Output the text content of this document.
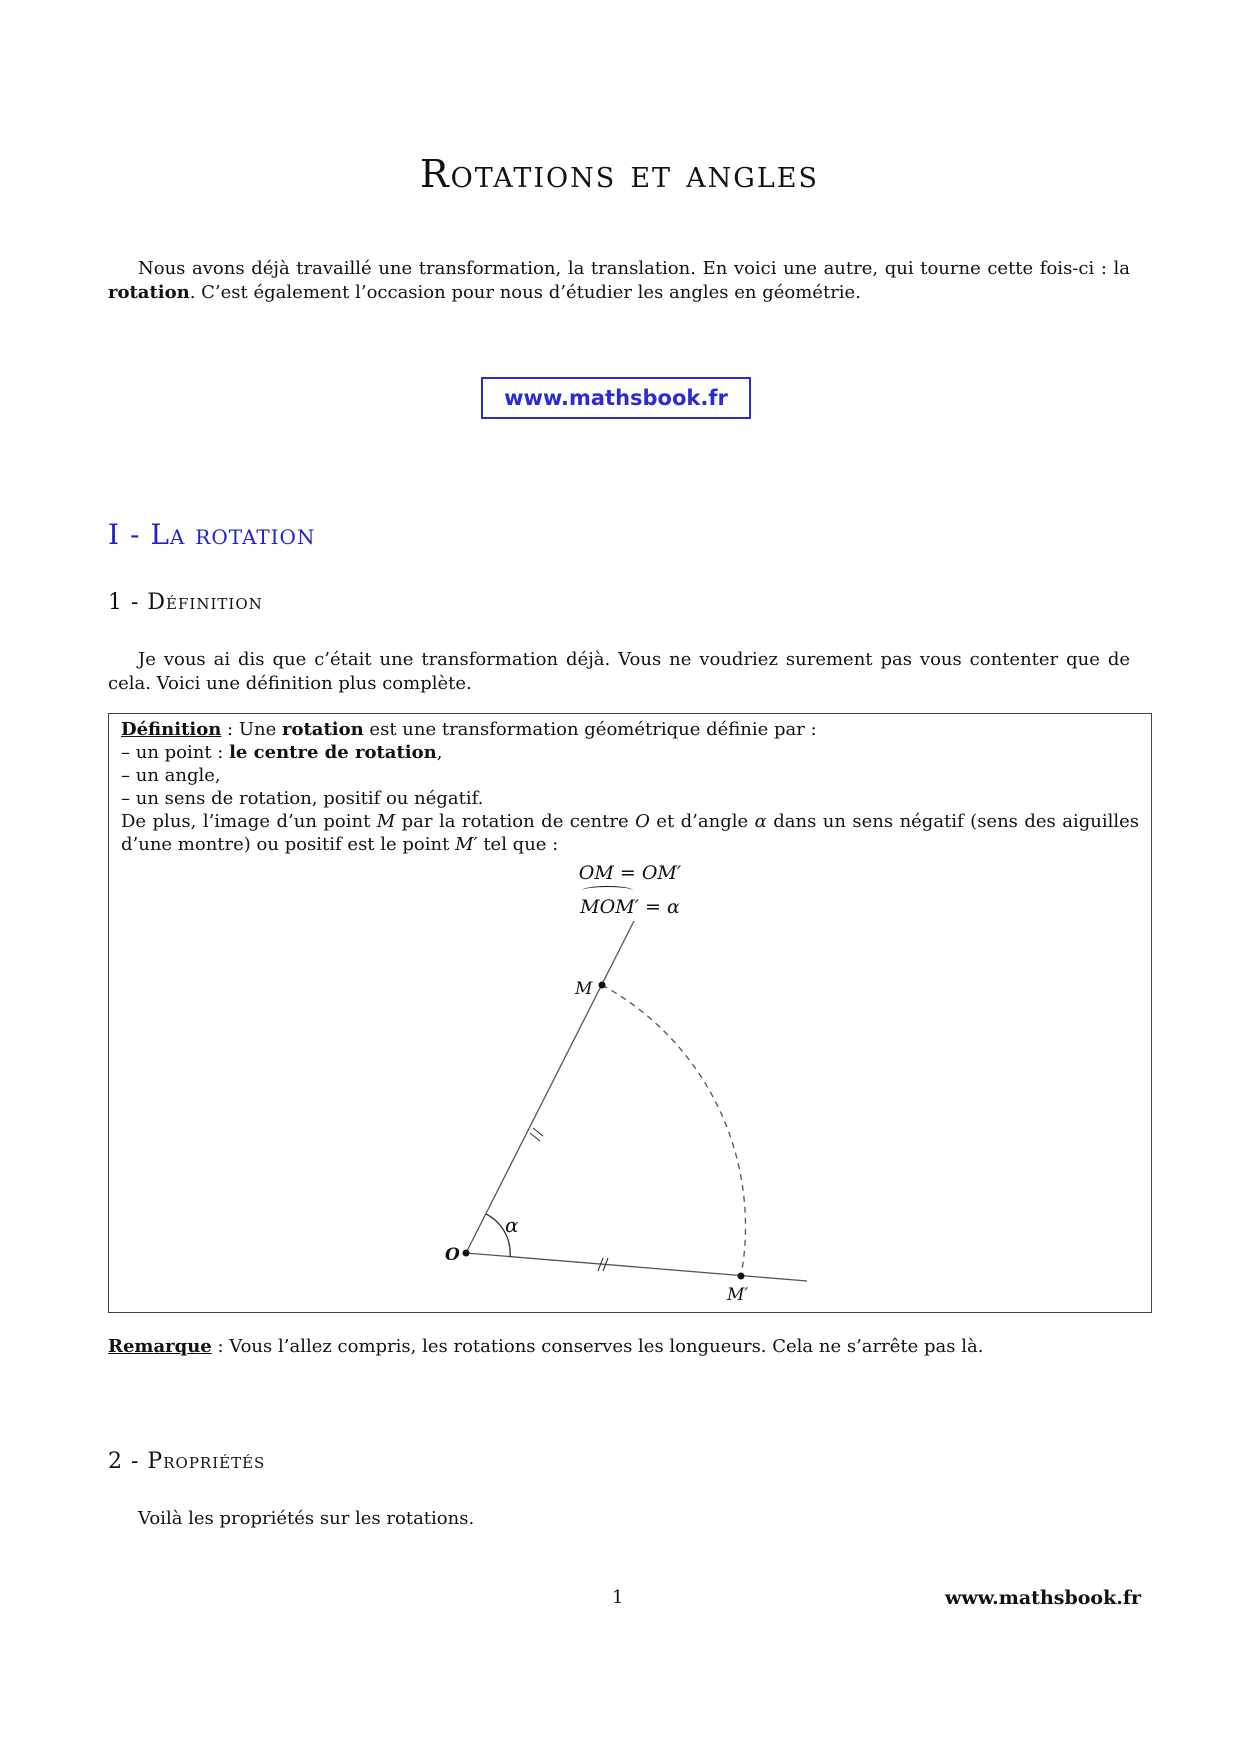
Rotations et angles

Nous avons déjà travaillé une transformation, la translation. En voici une autre, qui tourne cette fois-ci : la rotation. C’est également l’occasion pour nous d’étudier les angles en géométrie.

www.mathsbook.fr
I - La rotation
1 - Définition

Je vous ai dis que c’était une transformation déjà. Vous ne voudriez surement pas vous contenter que de cela. Voici une définition plus complète.

Définition : Une rotation est une transformation géométrique définie par :

– un point : le centre de rotation,

– un angle,

– un sens de rotation, positif ou négatif.

De plus, l’image d’un point M par la rotation de centre O et d’angle α dans un sens négatif (sens des aiguilles d’une montre) ou positif est le point M′ tel que :

OM = OM′
MOM′ = α
M
O
M′
α

Remarque : Vous l’allez compris, les rotations conserves les longueurs. Cela ne s’arrête pas là.

2 - Propriétés

Voilà les propriétés sur les rotations.

1	www.mathsbook.fr
